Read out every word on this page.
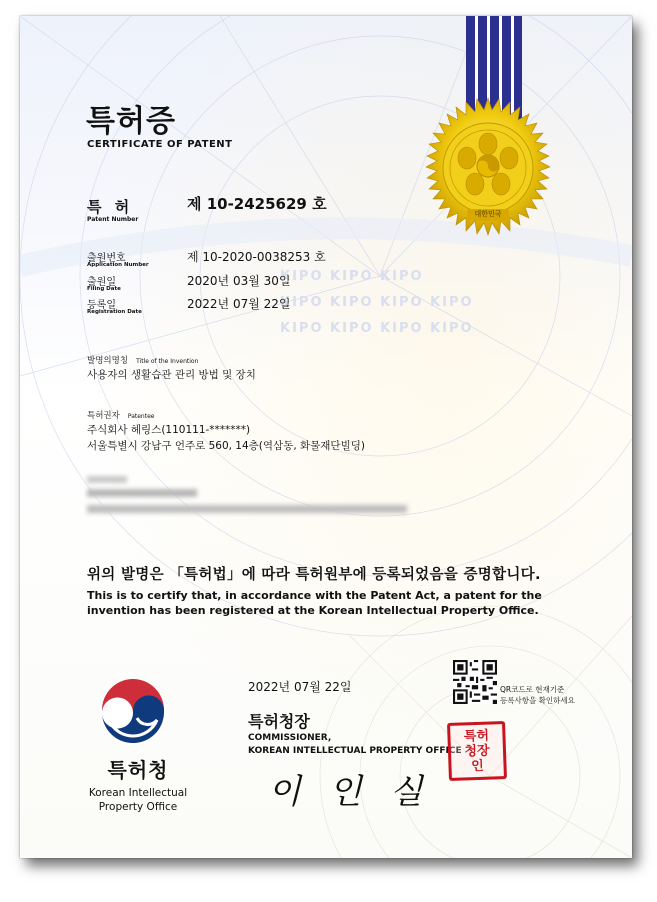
KIPO KIPO KIPO
KIPO KIPO KIPO KIPO
KIPO KIPO KIPO KIPO
대한민국
특허증
CERTIFICATE OF PATENT
특 허
Patent Number
제 10-2425629 호
출원번호
Application Number
제 10-2020-0038253 호
출원일
Filing Date
2020년 03월 30일
등록일
Registration Date
2022년 07월 22일
발명의명칭 Title of the Invention
사용자의 생활습관 관리 방법 및 장치
특허권자 Patentee
주식회사 헤링스(110111-*******)
서울특별시 강남구 언주로 560, 14층(역삼동, 화물재단빌딩)
위의 발명은 「특허법」에 따라 특허원부에 등록되었음을 증명합니다.
This is to certify that, in accordance with the Patent Act, a patent for the invention has been registered at the Korean Intellectual Property Office.
특허청
Korean Intellectual
Property Office
2022년 07월 22일
특허청장
COMMISSIONER,
KOREAN INTELLECTUAL PROPERTY OFFICE
이인실
QR코드로 현재기준
등록사항을 확인하세요
특허청장인
